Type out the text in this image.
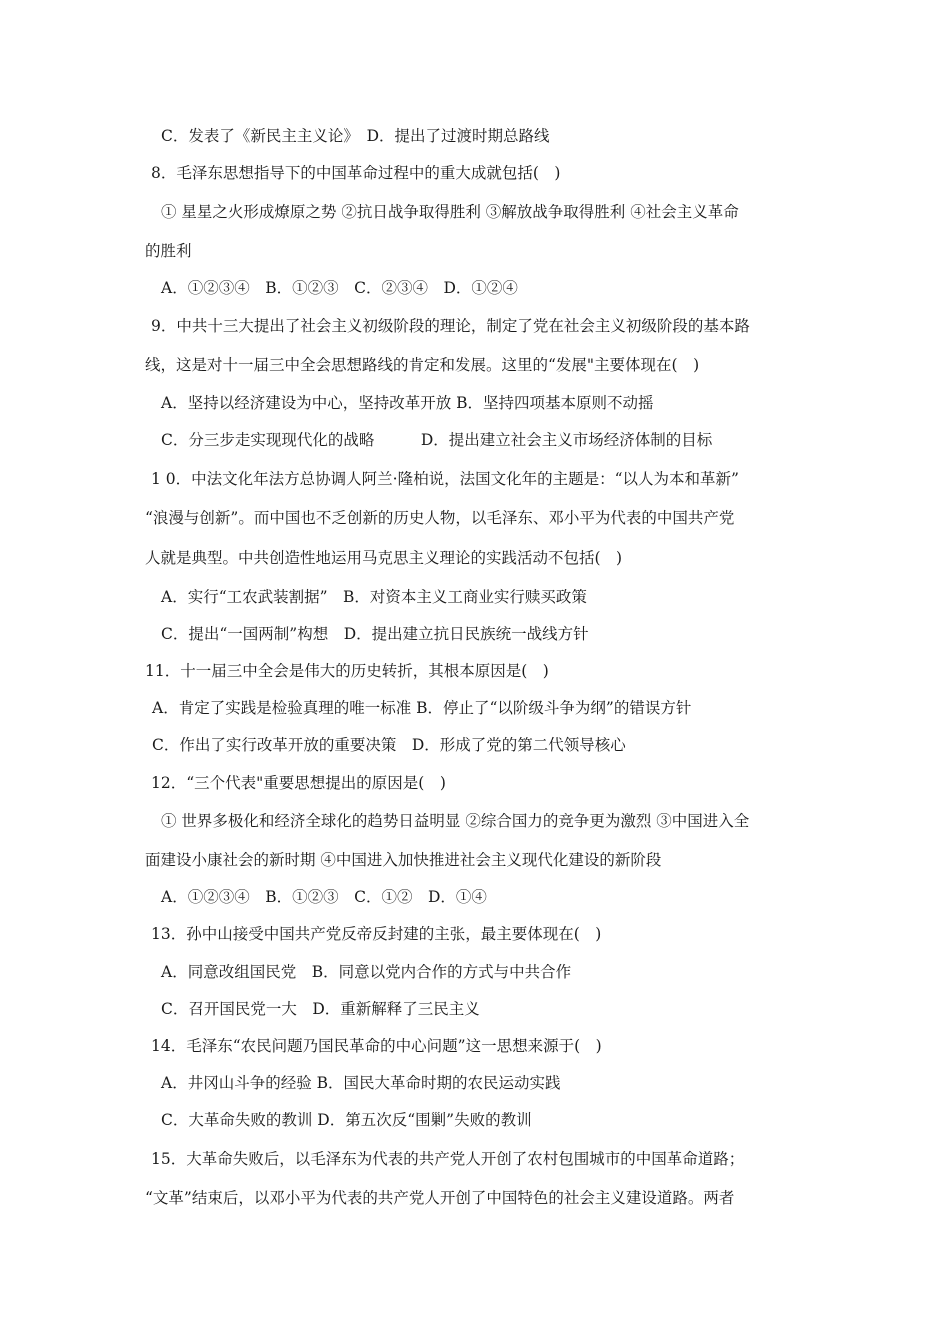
C．发表了《新民主主义论》　D．提出了过渡时期总路线
8．毛泽东思想指导下的中国革命过程中的重大成就包括(　)
① 星星之火形成燎原之势 ②抗日战争取得胜利 ③解放战争取得胜利 ④社会主义革命
的胜利
A．①②③④　B．①②③　C．②③④　D．①②④
9．中共十三大提出了社会主义初级阶段的理论，制定了党在社会主义初级阶段的基本路
线，这是对十一届三中全会思想路线的肯定和发展。这里的“发展"主要体现在(　)
A．坚持以经济建设为中心，坚持改革开放 B．坚持四项基本原则不动摇
C．分三步走实现现代化的战略　　　D．提出建立社会主义市场经济体制的目标
1 0．中法文化年法方总协调人阿兰·隆柏说，法国文化年的主题是：“以人为本和革新”
“浪漫与创新”。而中国也不乏创新的历史人物，以毛泽东、邓小平为代表的中国共产党
人就是典型。中共创造性地运用马克思主义理论的实践活动不包括(　)
A．实行“工农武装割据”　B．对资本主义工商业实行赎买政策
C．提出“一国两制”构想　D．提出建立抗日民族统一战线方针
11．十一届三中全会是伟大的历史转折，其根本原因是(　)
A．肯定了实践是检验真理的唯一标准 B．停止了“以阶级斗争为纲”的错误方针
C．作出了实行改革开放的重要决策　D．形成了党的第二代领导核心
12．“三个代表"重要思想提出的原因是(　)
① 世界多极化和经济全球化的趋势日益明显 ②综合国力的竞争更为激烈 ③中国进入全
面建设小康社会的新时期 ④中国进入加快推进社会主义现代化建设的新阶段
A．①②③④　B．①②③　C．①②　D．①④
13．孙中山接受中国共产党反帝反封建的主张，最主要体现在(　)
A．同意改组国民党　B．同意以党内合作的方式与中共合作
C．召开国民党一大　D．重新解释了三民主义
14．毛泽东“农民问题乃国民革命的中心问题”这一思想来源于(　)
A．井冈山斗争的经验 B．国民大革命时期的农民运动实践
C．大革命失败的教训 D．第五次反“围剿”失败的教训
15．大革命失败后，以毛泽东为代表的共产党人开创了农村包围城市的中国革命道路；
“文革”结束后，以邓小平为代表的共产党人开创了中国特色的社会主义建设道路。两者
